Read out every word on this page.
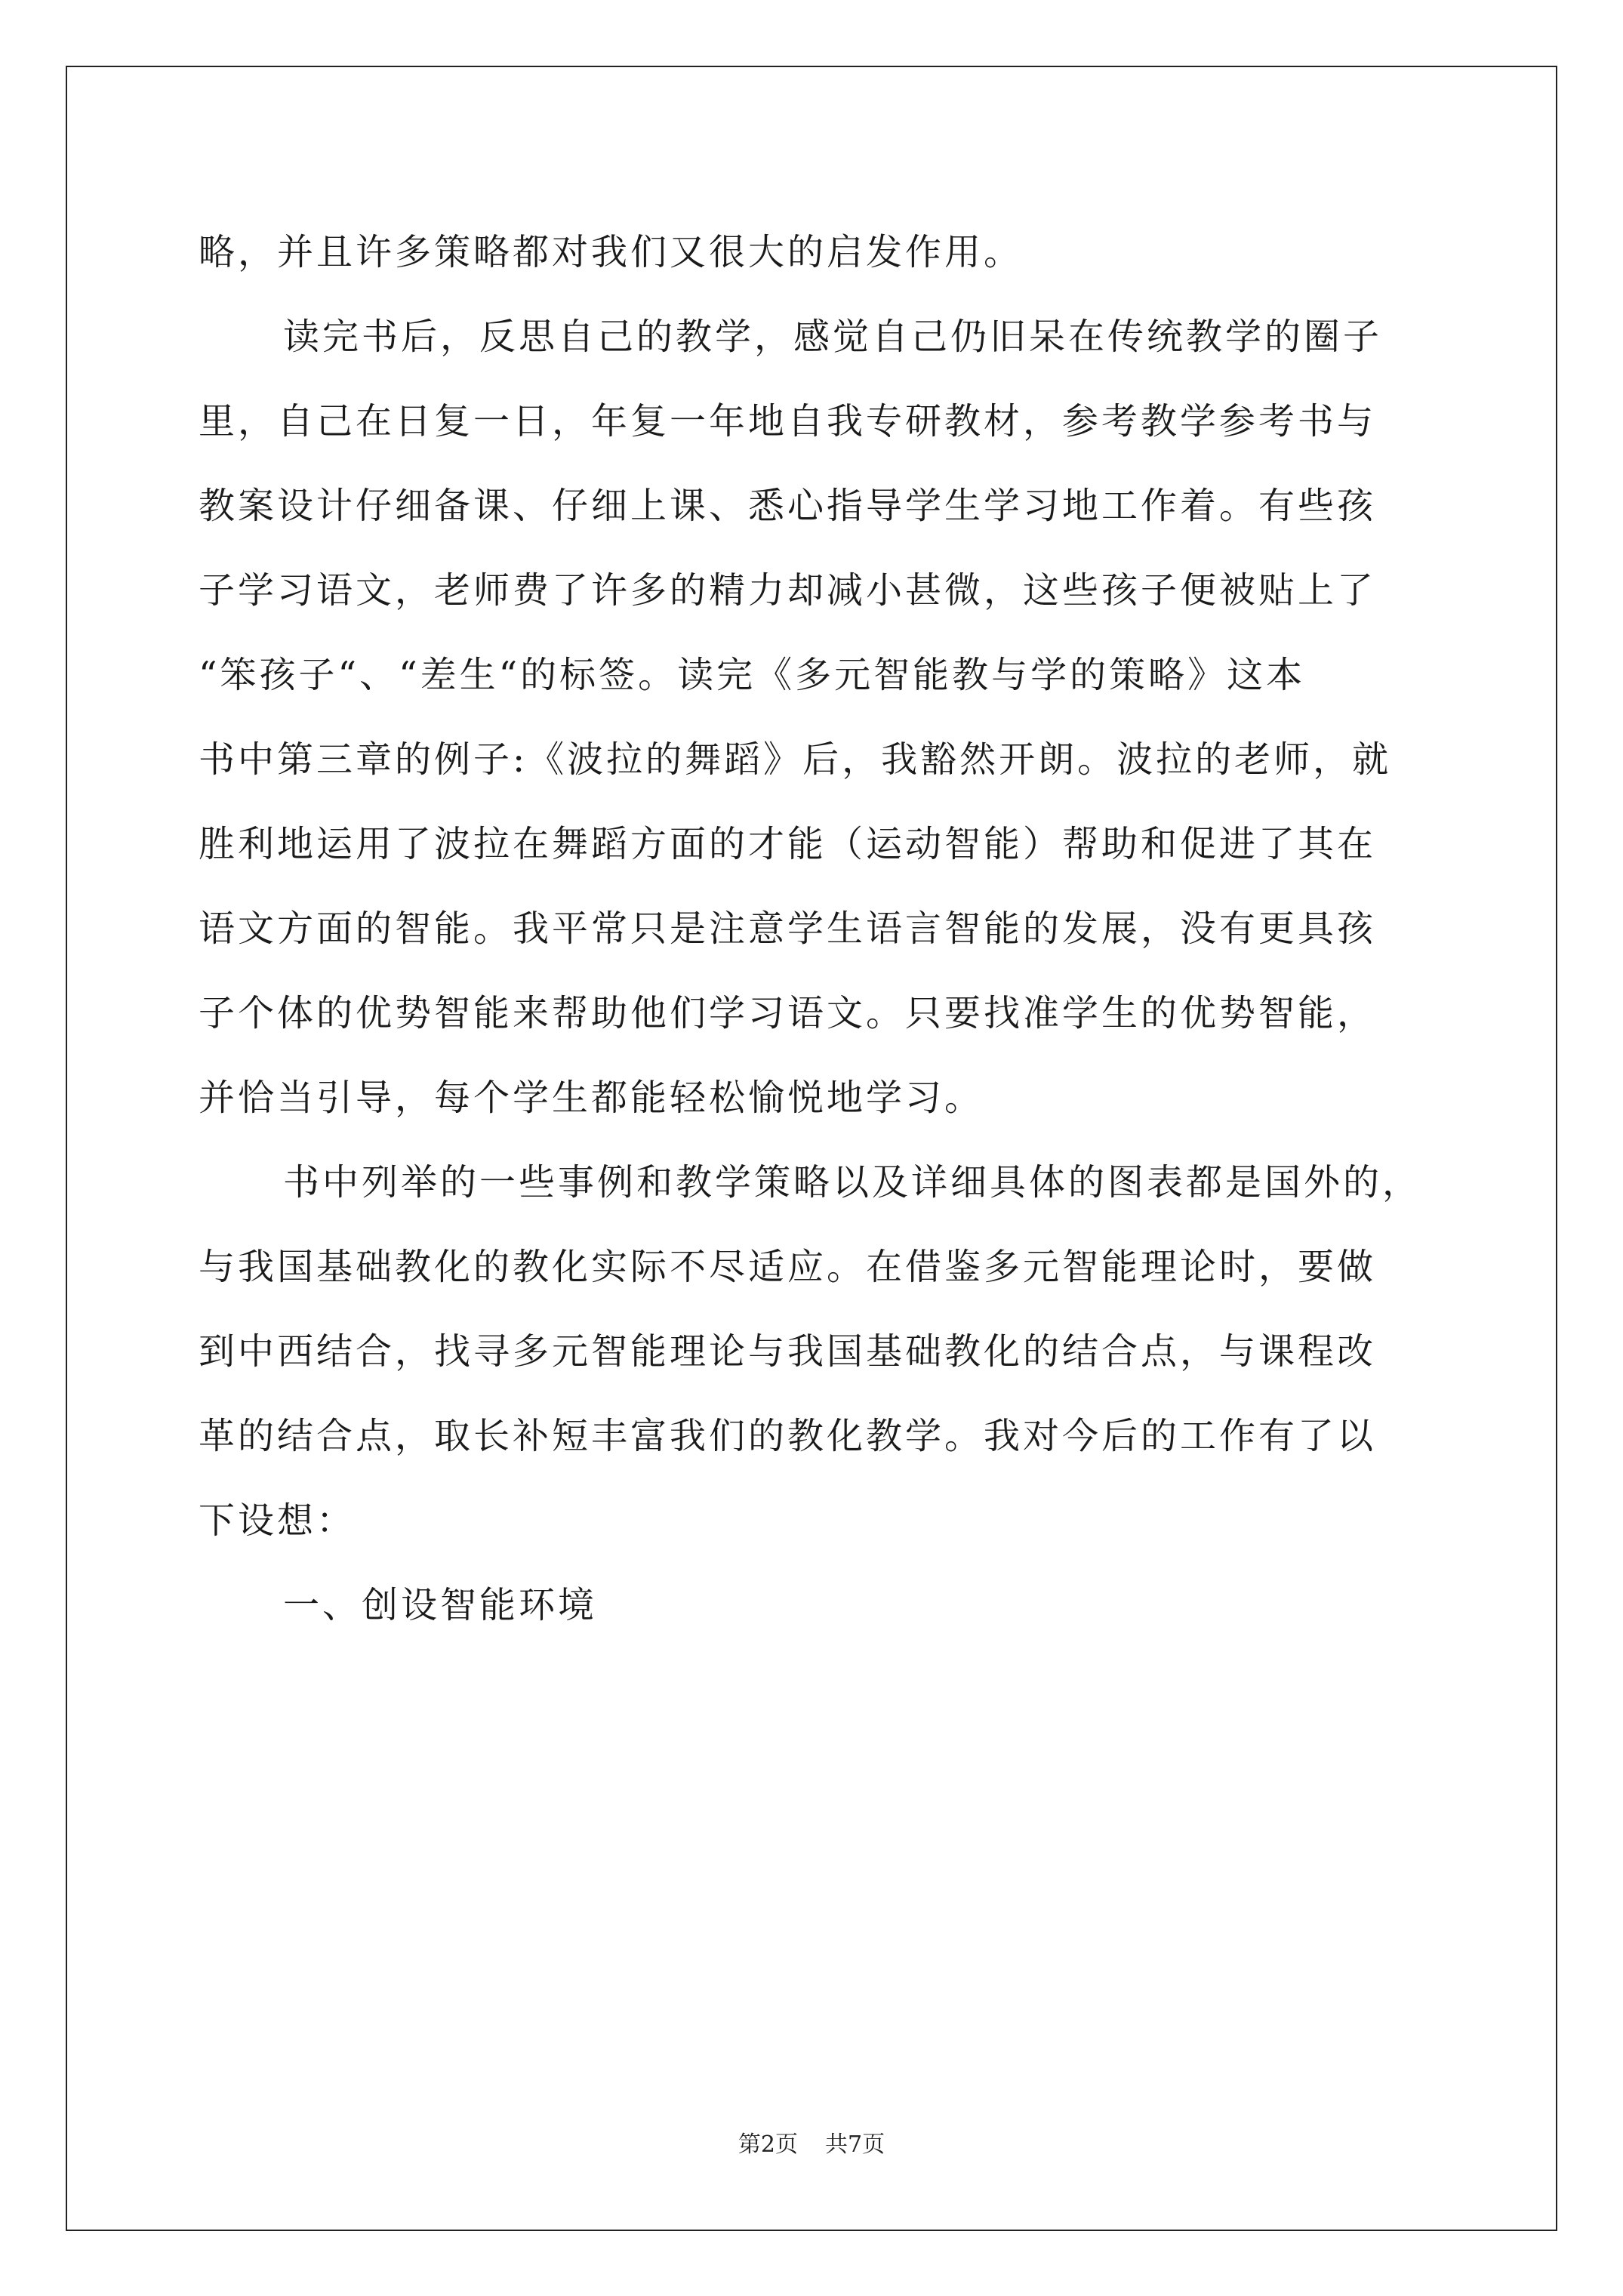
略，并且许多策略都对我们又很大的启发作用。
读完书后，反思自己的教学，感觉自己仍旧呆在传统教学的圈子
里，自己在日复一日，年复一年地自我专研教材，参考教学参考书与
教案设计仔细备课、仔细上课、悉心指导学生学习地工作着。有些孩
子学习语文，老师费了许多的精力却减小甚微，这些孩子便被贴上了
“笨孩子“、“差生“的标签。读完《多元智能教与学的策略》这本
书中第三章的例子:《波拉的舞蹈》后，我豁然开朗。波拉的老师，就
胜利地运用了波拉在舞蹈方面的才能（运动智能）帮助和促进了其在
语文方面的智能。我平常只是注意学生语言智能的发展，没有更具孩
子个体的优势智能来帮助他们学习语文。只要找准学生的优势智能，
并恰当引导，每个学生都能轻松愉悦地学习。
书中列举的一些事例和教学策略以及详细具体的图表都是国外的，
与我国基础教化的教化实际不尽适应。在借鉴多元智能理论时，要做
到中西结合，找寻多元智能理论与我国基础教化的结合点，与课程改
革的结合点，取长补短丰富我们的教化教学。我对今后的工作有了以
下设想：
一、创设智能环境
第2页 共7页
